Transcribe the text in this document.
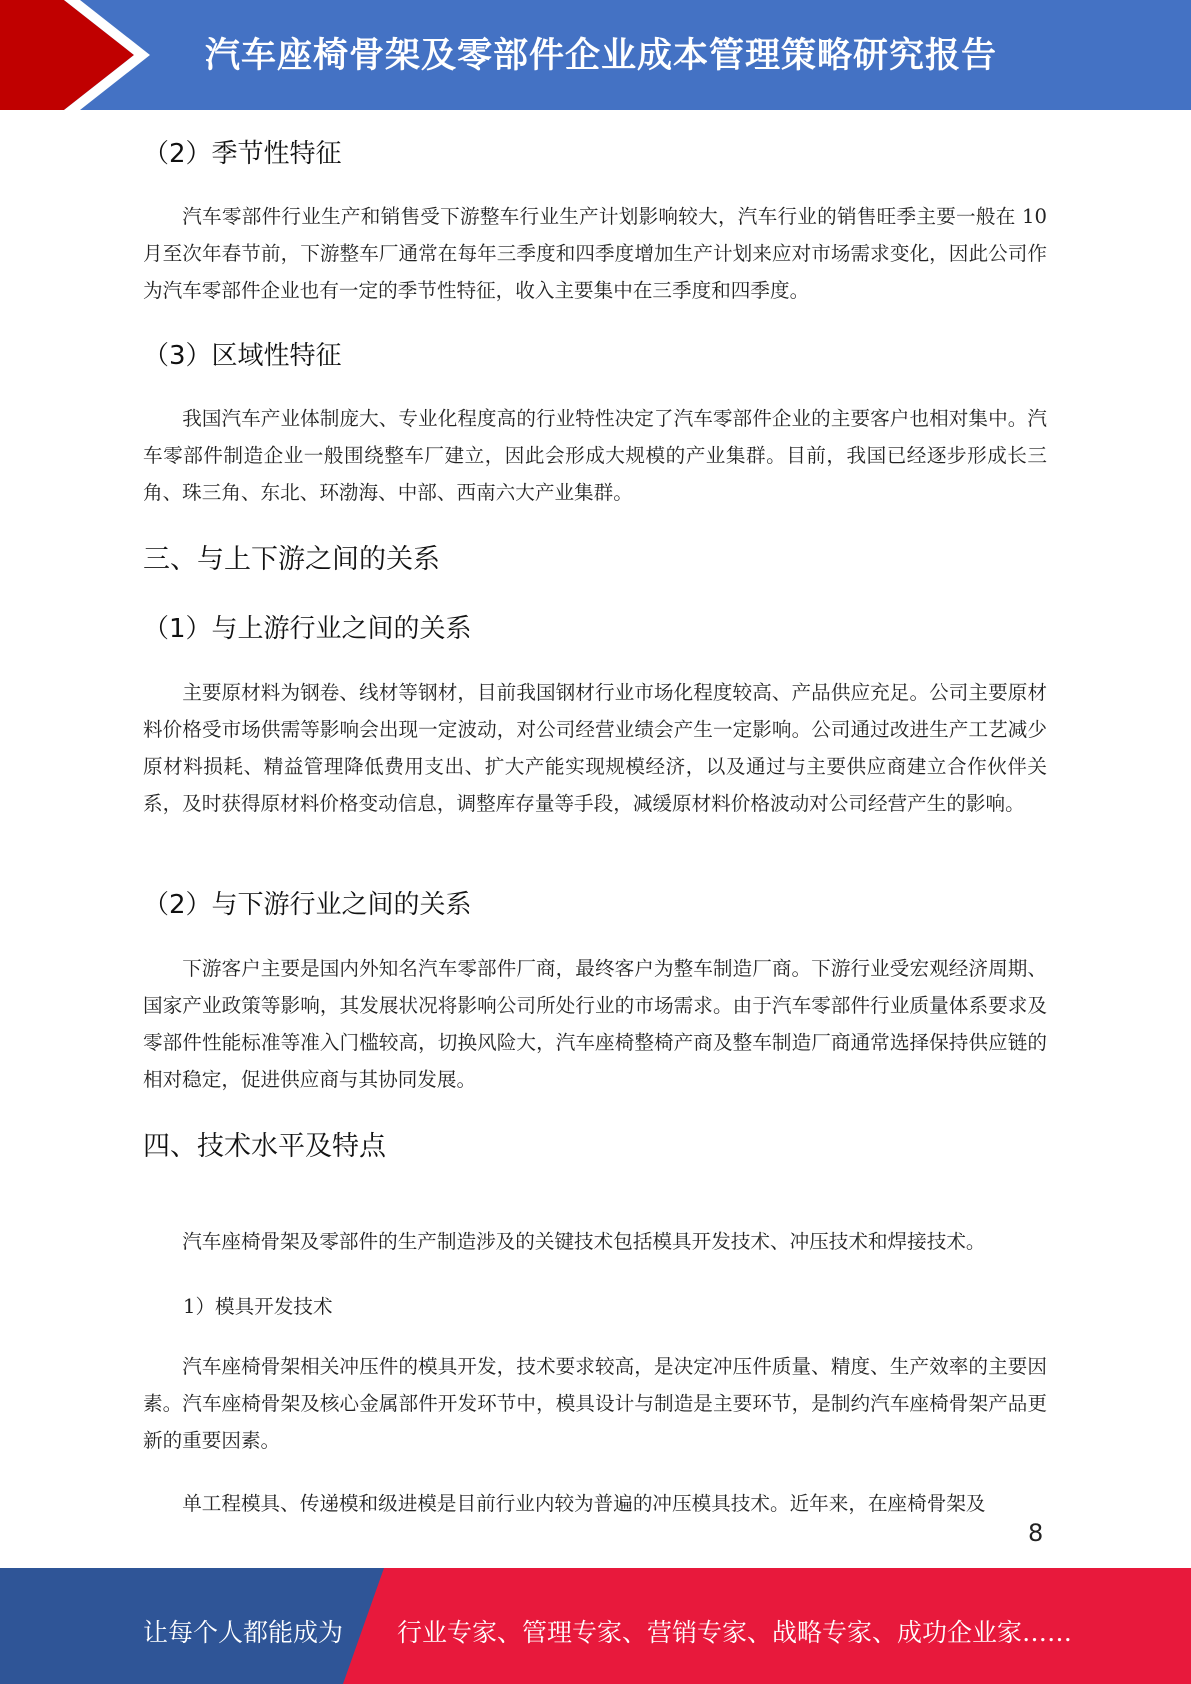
汽车座椅骨架及零部件企业成本管理策略研究报告
（2）季节性特征
汽车零部件行业生产和销售受下游整车行业生产计划影响较大，汽车行业的销售旺季主要一般在 10 月至次年春节前，下游整车厂通常在每年三季度和四季度增加生产计划来应对市场需求变化，因此公司作为汽车零部件企业也有一定的季节性特征，收入主要集中在三季度和四季度。
（3）区域性特征
我国汽车产业体制庞大、专业化程度高的行业特性决定了汽车零部件企业的主要客户也相对集中。汽车零部件制造企业一般围绕整车厂建立，因此会形成大规模的产业集群。目前，我国已经逐步形成长三角、珠三角、东北、环渤海、中部、西南六大产业集群。
三、与上下游之间的关系
（1）与上游行业之间的关系
主要原材料为钢卷、线材等钢材，目前我国钢材行业市场化程度较高、产品供应充足。公司主要原材料价格受市场供需等影响会出现一定波动，对公司经营业绩会产生一定影响。公司通过改进生产工艺减少原材料损耗、精益管理降低费用支出、扩大产能实现规模经济，以及通过与主要供应商建立合作伙伴关系，及时获得原材料价格变动信息，调整库存量等手段，减缓原材料价格波动对公司经营产生的影响。
（2）与下游行业之间的关系
下游客户主要是国内外知名汽车零部件厂商，最终客户为整车制造厂商。下游行业受宏观经济周期、国家产业政策等影响，其发展状况将影响公司所处行业的市场需求。由于汽车零部件行业质量体系要求及零部件性能标准等准入门槛较高，切换风险大，汽车座椅整椅产商及整车制造厂商通常选择保持供应链的相对稳定，促进供应商与其协同发展。
四、技术水平及特点
汽车座椅骨架及零部件的生产制造涉及的关键技术包括模具开发技术、冲压技术和焊接技术。
1）模具开发技术
汽车座椅骨架相关冲压件的模具开发，技术要求较高，是决定冲压件质量、精度、生产效率的主要因素。汽车座椅骨架及核心金属部件开发环节中，模具设计与制造是主要环节，是制约汽车座椅骨架产品更新的重要因素。
单工程模具、传递模和级进模是目前行业内较为普遍的冲压模具技术。近年来，在座椅骨架及
8
让每个人都能成为 行业专家、管理专家、营销专家、战略专家、成功企业家……
